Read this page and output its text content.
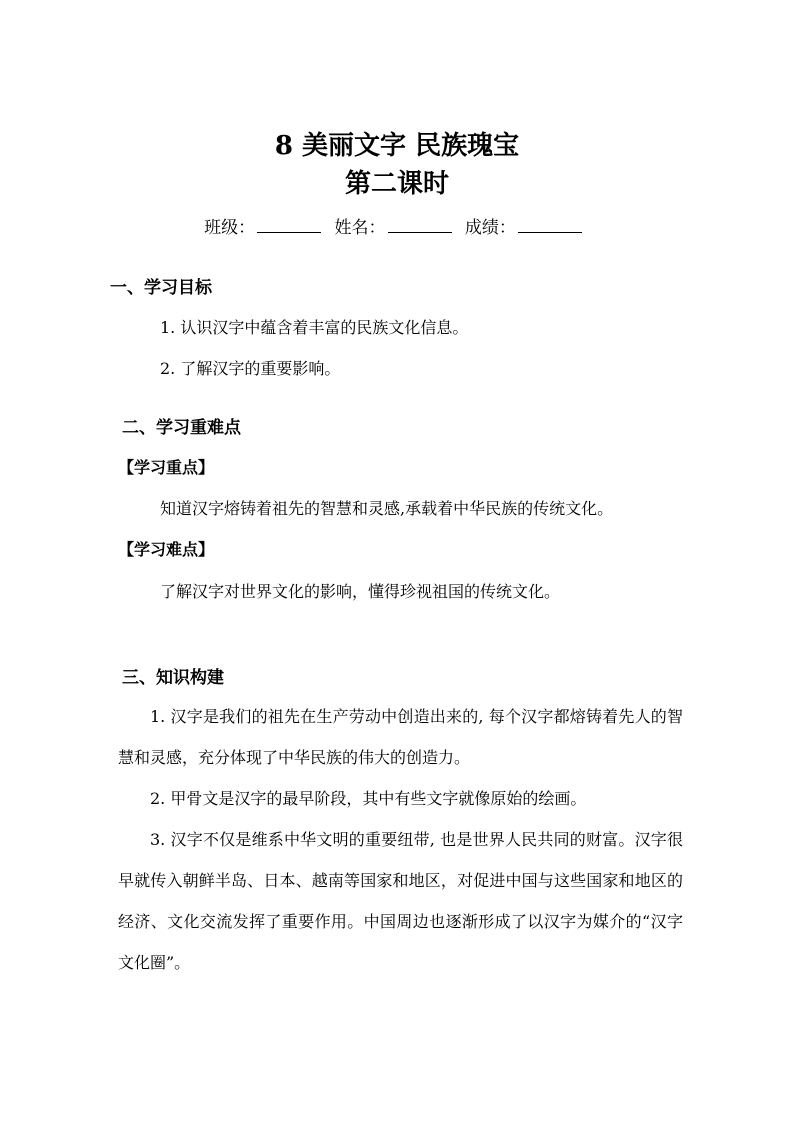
8 美丽文字 民族瑰宝
第二课时
班级：	姓名：	成绩：
一、学习目标
1. 认识汉字中蕴含着丰富的民族文化信息。
2. 了解汉字的重要影响。
二、学习重难点
【学习重点】
知道汉字熔铸着祖先的智慧和灵感,承载着中华民族的传统文化。
【学习难点】
了解汉字对世界文化的影响，懂得珍视祖国的传统文化。
三、知识构建
1. 汉字是我们的祖先在生产劳动中创造出来的, 每个汉字都熔铸着先人的智慧和灵感，充分体现了中华民族的伟大的创造力。
2. 甲骨文是汉字的最早阶段，其中有些文字就像原始的绘画。
3. 汉字不仅是维系中华文明的重要纽带, 也是世界人民共同的财富。汉字很早就传入朝鲜半岛、日本、越南等国家和地区，对促进中国与这些国家和地区的经济、文化交流发挥了重要作用。中国周边也逐渐形成了以汉字为媒介的“汉字文化圈”。
